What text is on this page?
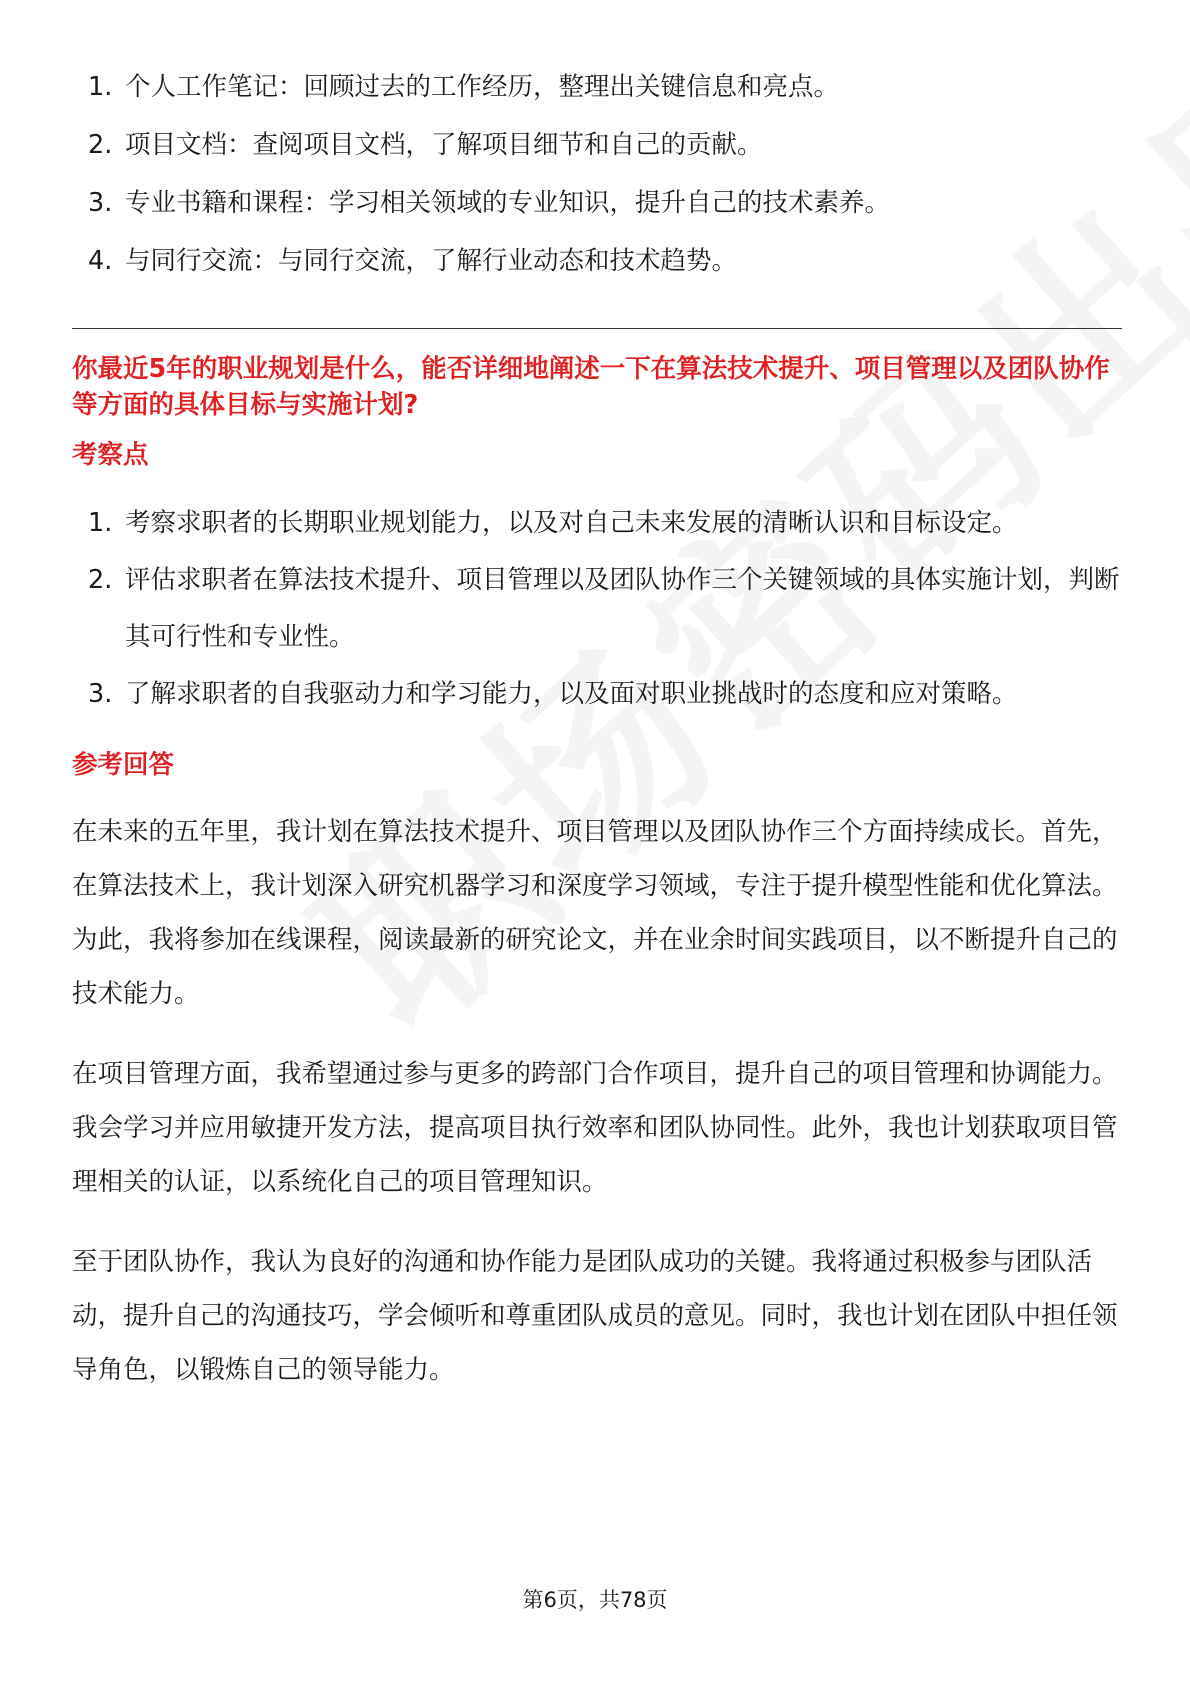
1. 个人工作笔记：回顾过去的工作经历，整理出关键信息和亮点。
2. 项目文档：查阅项目文档，了解项目细节和自己的贡献。
3. 专业书籍和课程：学习相关领域的专业知识，提升自己的技术素养。
4. 与同行交流：与同行交流，了解行业动态和技术趋势。
你最近5年的职业规划是什么，能否详细地阐述一下在算法技术提升、项目管理以及团队协作等方面的具体目标与实施计划?
考察点
1. 考察求职者的长期职业规划能力，以及对自己未来发展的清晰认识和目标设定。
2. 评估求职者在算法技术提升、项目管理以及团队协作三个关键领域的具体实施计划，判断其可行性和专业性。
3. 了解求职者的自我驱动力和学习能力，以及面对职业挑战时的态度和应对策略。
参考回答

在未来的五年里，我计划在算法技术提升、项目管理以及团队协作三个方面持续成长。首先，在算法技术上，我计划深入研究机器学习和深度学习领域，专注于提升模型性能和优化算法。为此，我将参加在线课程，阅读最新的研究论文，并在业余时间实践项目，以不断提升自己的技术能力。

在项目管理方面，我希望通过参与更多的跨部门合作项目，提升自己的项目管理和协调能力。我会学习并应用敏捷开发方法，提高项目执行效率和团队协同性。此外，我也计划获取项目管理相关的认证，以系统化自己的项目管理知识。

至于团队协作，我认为良好的沟通和协作能力是团队成功的关键。我将通过积极参与团队活动，提升自己的沟通技巧，学会倾听和尊重团队成员的意见。同时，我也计划在团队中担任领导角色，以锻炼自己的领导能力。

第6页，共78页
